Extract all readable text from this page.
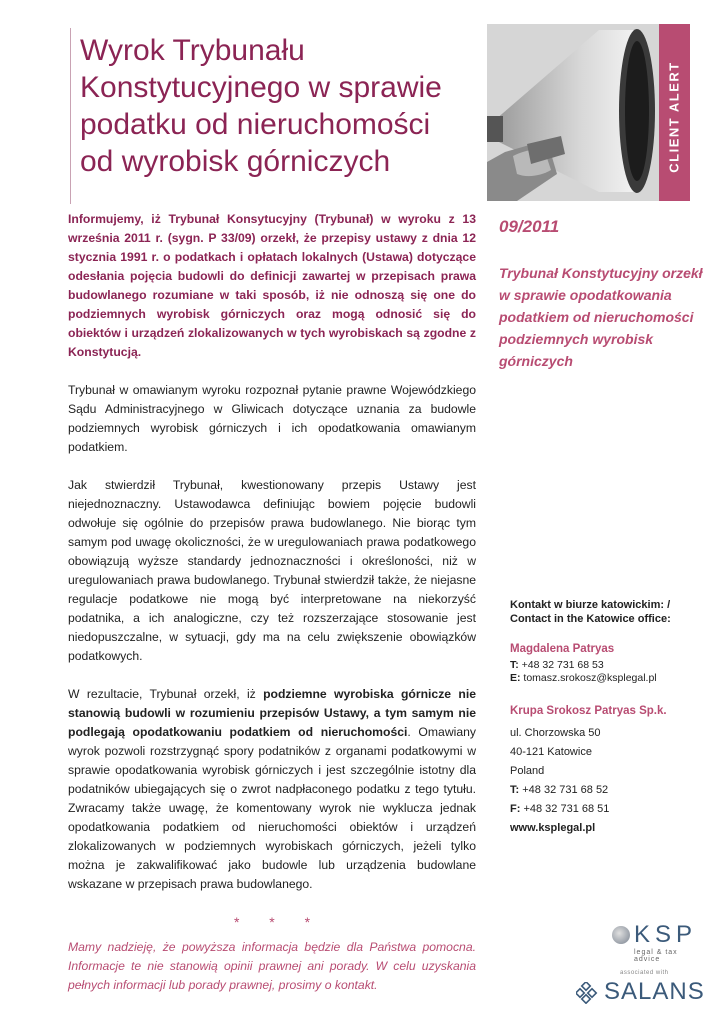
Wyrok Trybunału Konstytucyjnego w sprawie podatku od nieruchomości od wyrobisk górniczych	CLIENT ALERT

Informujemy, iż Trybunał Konsytucyjny (Trybunał) w wyroku z 13 września 2011 r. (sygn. P 33/09) orzekł, że przepisy ustawy z dnia 12 stycznia 1991 r. o podatkach i opłatach lokalnych (Ustawa) dotyczące odesłania pojęcia budowli do definicji zawartej w przepisach prawa budowlanego rozumiane w taki sposób, iż nie odnoszą się one do podziemnych wyrobisk górniczych oraz mogą odnosić się do obiektów i urządzeń zlokalizowanych w tych wyrobiskach są zgodne z Konstytucją.

Trybunał w omawianym wyroku rozpoznał pytanie prawne Wojewódzkiego Sądu Administracyjnego w Gliwicach dotyczące uznania za budowle podziemnych wyrobisk górniczych i ich opodatkowania omawianym podatkiem.

Jak stwierdził Trybunał, kwestionowany przepis Ustawy jest niejednoznaczny. Ustawodawca definiując bowiem pojęcie budowli odwołuje się ogólnie do przepisów prawa budowlanego. Nie biorąc tym samym pod uwagę okoliczności, że w uregulowaniach prawa podatkowego obowiązują wyższe standardy jednoznaczności i określoności, niż w uregulowaniach prawa budowlanego. Trybunał stwierdził także, że niejasne regulacje podatkowe nie mogą być interpretowane na niekorzyść podatnika, a ich analogiczne, czy też rozszerzające stosowanie jest niedopuszczalne, w sytuacji, gdy ma na celu zwiększenie obowiązków podatkowych.

W rezultacie, Trybunał orzekł, iż podziemne wyrobiska górnicze nie stanowią budowli w rozumieniu przepisów Ustawy, a tym samym nie podlegają opodatkowaniu podatkiem od nieruchomości. Omawiany wyrok pozwoli rozstrzygnąć spory podatników z organami podatkowymi w sprawie opodatkowania wyrobisk górniczych i jest szczególnie istotny dla podatników ubiegających się o zwrot nadpłaconego podatku z tego tytułu. Zwracamy także uwagę, że komentowany wyrok nie wyklucza jednak opodatkowania podatkiem od nieruchomości obiektów i urządzeń zlokalizowanych w podziemnych wyrobiskach górniczych, jeżeli tylko można je zakwalifikować jako budowle lub urządzenia budowlane wskazane w przepisach prawa budowlanego.

* * *

Mamy nadzieję, że powyższa informacja będzie dla Państwa pomocna. Informacje te nie stanowią opinii prawnej ani porady. W celu uzyskania pełnych informacji lub porady prawnej, prosimy o kontakt.

09/2011
Trybunał Konstytucyjny orzekł w sprawie opodatkowania podatkiem od nieruchomości podziemnych wyrobisk górniczych

Kontakt w biurze katowickim: /

Contact in the Katowice office:

Magdalena Patryas

T: +48 32 731 68 53

E: tomasz.srokosz@ksplegal.pl

Krupa Srokosz Patryas Sp.k.

ul. Chorzowska 50

40-121 Katowice

Poland

T: +48 32 731 68 52

F: +48 32 731 68 51

www.ksplegal.pl

KSP
legal & tax advice
associated with
SALANS
